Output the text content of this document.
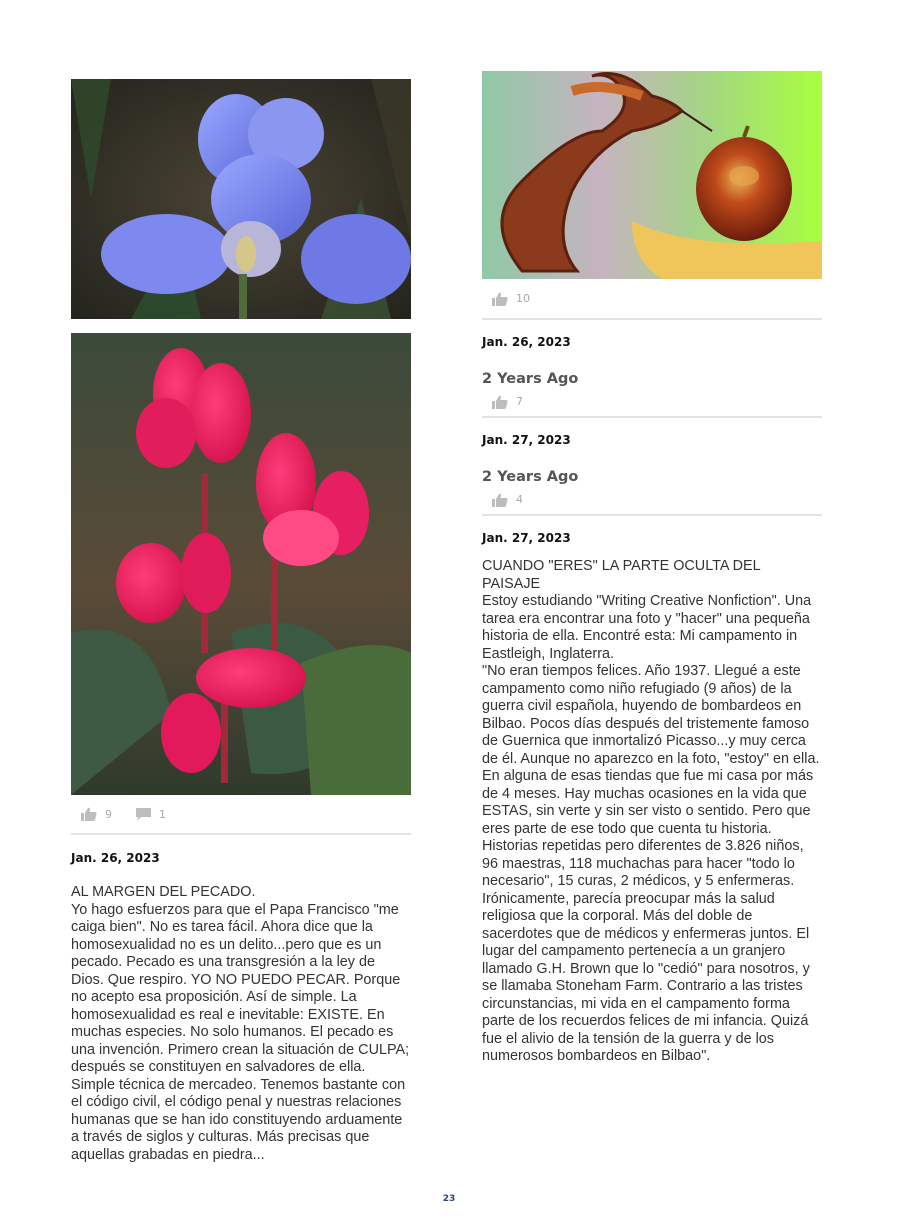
9	1
Jan. 26, 2023
AL MARGEN DEL PECADO.
Yo hago esfuerzos para que el Papa Francisco "me caiga bien". No es tarea fácil. Ahora dice que la homosexualidad no es un delito...pero que es un pecado. Pecado es una transgresión a la ley de Dios. Que respiro. YO NO PUEDO PECAR. Porque no acepto esa proposición. Así de simple. La homosexualidad es real e inevitable: EXISTE. En muchas especies. No solo humanos. El pecado es una invención. Primero crean la situación de CULPA; después se constituyen en salvadores de ella. Simple técnica de mercadeo. Tenemos bastante con el código civil, el código penal y nuestras relaciones humanas que se han ido constituyendo arduamente a través de siglos y culturas. Más precisas que aquellas grabadas en piedra...
10
Jan. 26, 2023
2 Years Ago
7
Jan. 27, 2023
2 Years Ago
4
Jan. 27, 2023
CUANDO "ERES" LA PARTE OCULTA DEL PAISAJE
Estoy estudiando "Writing Creative Nonfiction". Una tarea era encontrar una foto y "hacer" una pequeña historia de ella. Encontré esta: Mi campamento in Eastleigh, Inglaterra.
"No eran tiempos felices. Año 1937. Llegué a este campamento como niño refugiado (9 años) de la guerra civil española, huyendo de bombardeos en Bilbao. Pocos días después del tristemente famoso de Guernica que inmortalizó Picasso...y muy cerca de él. Aunque no aparezco en la foto, "estoy" en ella. En alguna de esas tiendas que fue mi casa por más de 4 meses. Hay muchas ocasiones en la vida que ESTAS, sin verte y sin ser visto o sentido. Pero que eres parte de ese todo que cuenta tu historia. Historias repetidas pero diferentes de 3.826 niños, 96 maestras, 118 muchachas para hacer "todo lo necesario", 15 curas, 2 médicos, y 5 enfermeras. Irónicamente, parecía preocupar más la salud religiosa que la corporal. Más del doble de sacerdotes que de médicos y enfermeras juntos. El lugar del campamento pertenecía a un granjero llamado G.H. Brown que lo "cedió" para nosotros, y se llamaba Stoneham Farm. Contrario a las tristes circunstancias, mi vida en el campamento forma parte de los recuerdos felices de mi infancia. Quizá fue el alivio de la tensión de la guerra y de los numerosos bombardeos en Bilbao".
23
